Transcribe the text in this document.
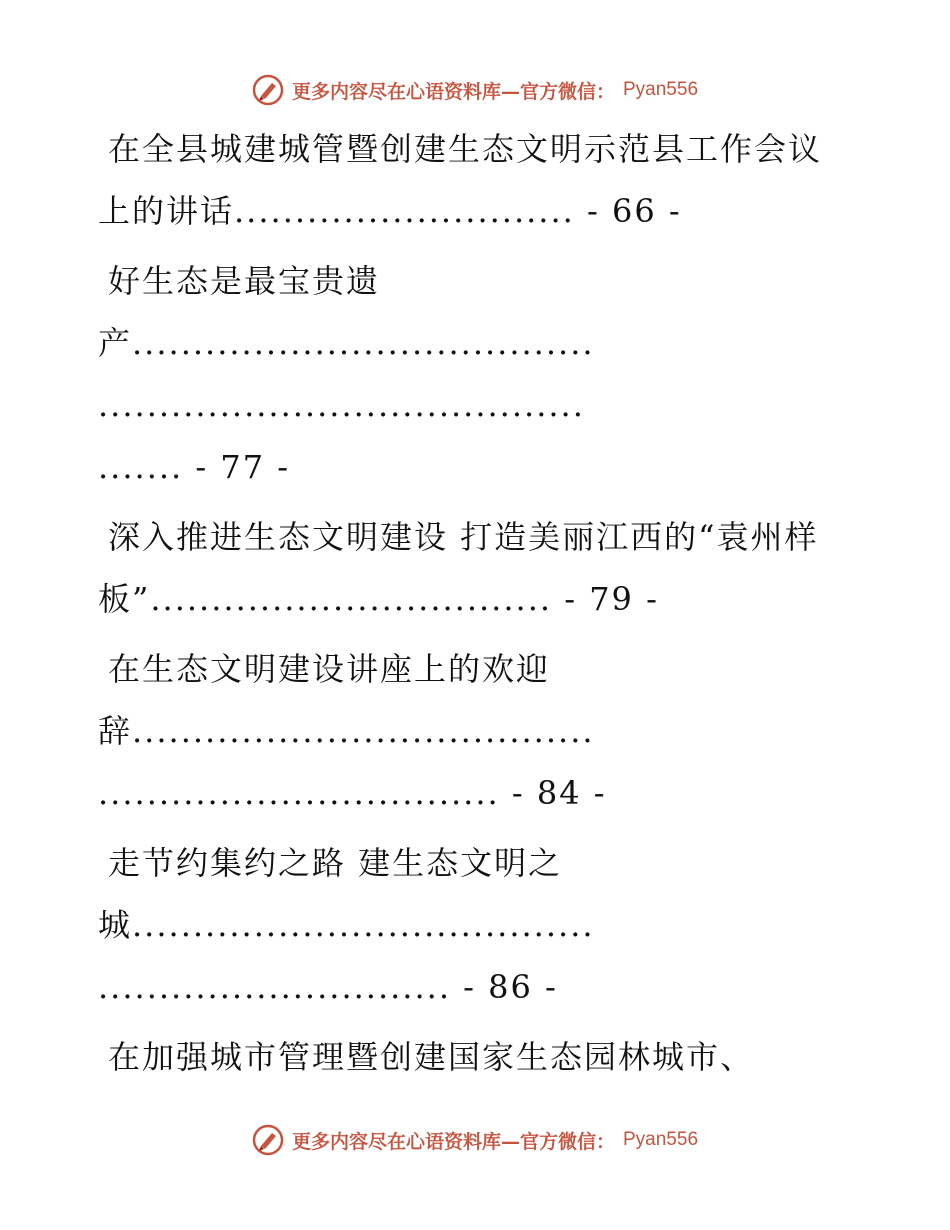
更多内容尽在心语资料库—官方微信： Pyan556
在全县城建城管暨创建生态文明示范县工作会议
上的讲话............................ - 66 -
好生态是最宝贵遗
产......................................
........................................
....... - 77 -
深入推进生态文明建设 打造美丽江西的“袁州样
板”................................. - 79 -
在生态文明建设讲座上的欢迎
辞......................................
................................. - 84 -
走节约集约之路 建生态文明之
城......................................
............................. - 86 -
在加强城市管理暨创建国家生态园林城市、
更多内容尽在心语资料库—官方微信： Pyan556
